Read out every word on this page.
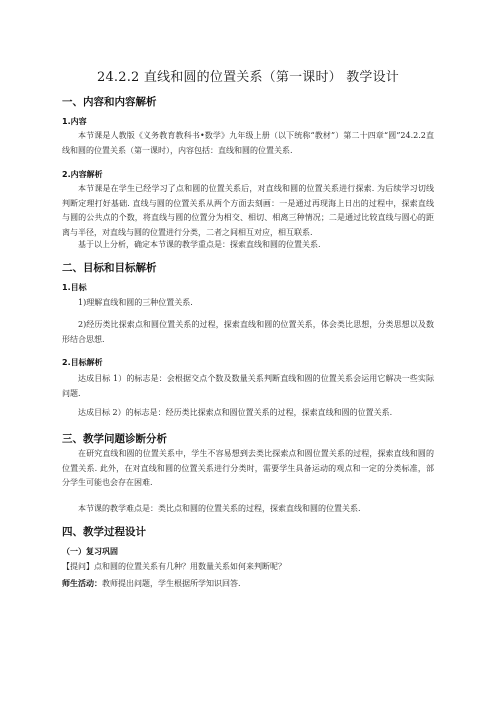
24.2.2 直线和圆的位置关系（第一课时） 教学设计
一、内容和内容解析
1.内容
本节课是人教版《义务教育教科书•数学》九年级上册（以下统称“教材”）第二十四章“圆”24.2.2直线和圆的位置关系（第一课时），内容包括：直线和圆的位置关系.
2.内容解析
本节课是在学生已经学习了点和圆的位置关系后，对直线和圆的位置关系进行探索. 为后续学习切线判断定理打好基础. 直线与圆的位置关系从两个方面去刻画：一是通过再现海上日出的过程中，探索直线与圆的公共点的个数，将直线与圆的位置分为相交、相切、相离三种情况；二是通过比较直线与圆心的距离与半径，对直线与圆的位置进行分类，二者之间相互对应，相互联系.
基于以上分析，确定本节课的教学重点是：探索直线和圆的位置关系.
二、目标和目标解析
1.目标
1)理解直线和圆的三种位置关系.
2)经历类比探索点和圆位置关系的过程，探索直线和圆的位置关系，体会类比思想，分类思想以及数形结合思想.
2.目标解析
达成目标 1）的标志是：会根据交点个数及数量关系判断直线和圆的位置关系会运用它解决一些实际问题.
达成目标 2）的标志是：经历类比探索点和圆位置关系的过程，探索直线和圆的位置关系.
三、教学问题诊断分析
在研究直线和圆的位置关系中，学生不容易想到去类比探索点和圆位置关系的过程，探索直线和圆的位置关系. 此外，在对直线和圆的位置关系进行分类时，需要学生具备运动的观点和一定的分类标准，部分学生可能也会存在困难.
本节课的教学难点是：类比点和圆的位置关系的过程，探索直线和圆的位置关系.
四、教学过程设计
（一）复习巩固
【提问】点和圆的位置关系有几种？用数量关系如何来判断呢？
师生活动：教师提出问题，学生根据所学知识回答.
